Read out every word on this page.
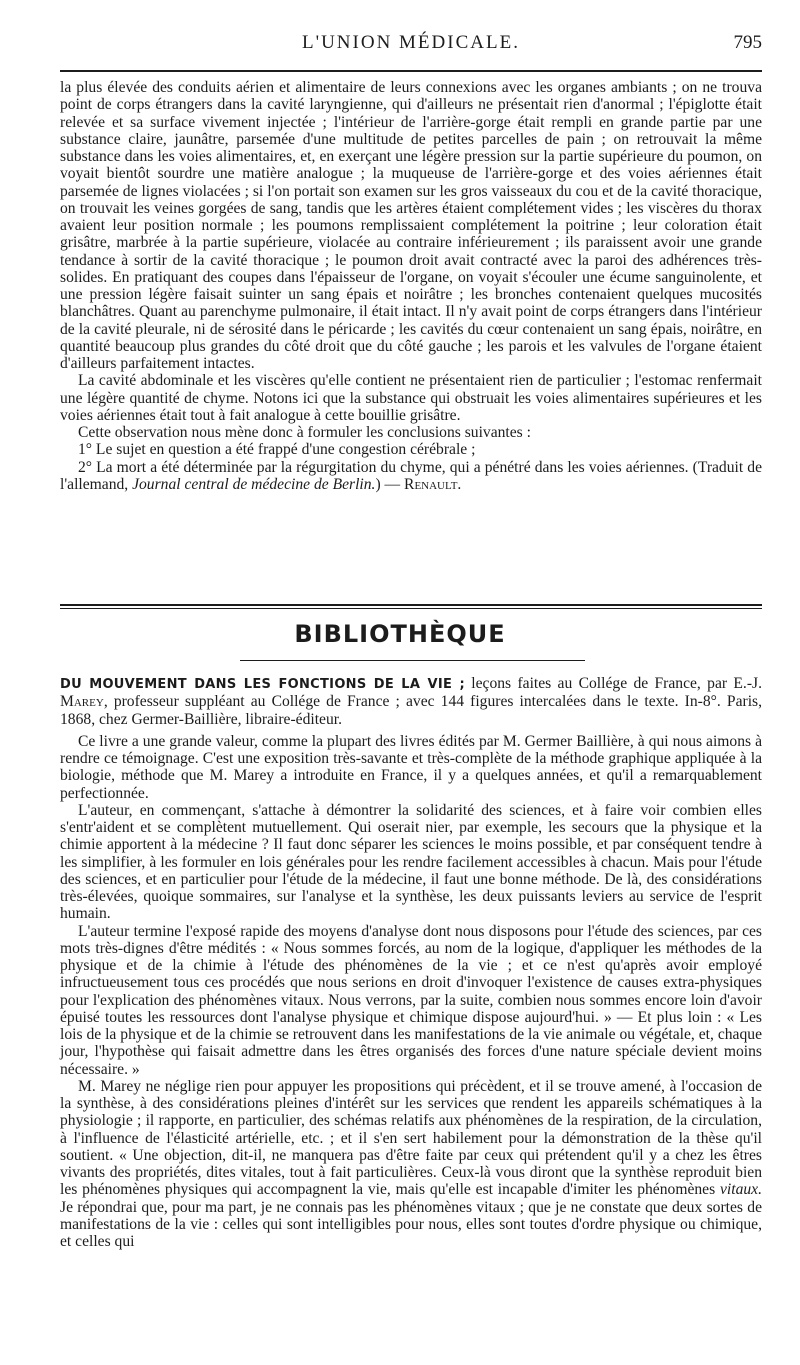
L'UNION MÉDICALE.	795

la plus élevée des conduits aérien et alimentaire de leurs connexions avec les organes ambiants ; on ne trouva point de corps étrangers dans la cavité laryngienne, qui d'ailleurs ne présentait rien d'anormal ; l'épiglotte était relevée et sa surface vivement injectée ; l'intérieur de l'arrière-gorge était rempli en grande partie par une substance claire, jaunâtre, parsemée d'une multitude de petites parcelles de pain ; on retrouvait la même substance dans les voies alimentaires, et, en exerçant une légère pression sur la partie supérieure du poumon, on voyait bientôt sourdre une matière analogue ; la muqueuse de l'arrière-gorge et des voies aériennes était parsemée de lignes violacées ; si l'on portait son examen sur les gros vaisseaux du cou et de la cavité thoracique, on trouvait les veines gorgées de sang, tandis que les artères étaient complétement vides ; les viscères du thorax avaient leur position normale ; les poumons remplissaient complétement la poitrine ; leur coloration était grisâtre, marbrée à la partie supérieure, violacée au contraire inférieurement ; ils paraissent avoir une grande tendance à sortir de la cavité thoracique ; le poumon droit avait contracté avec la paroi des adhérences très-solides. En pratiquant des coupes dans l'épaisseur de l'organe, on voyait s'écouler une écume sanguinolente, et une pression légère faisait suinter un sang épais et noirâtre ; les bronches contenaient quelques mucosités blanchâtres. Quant au parenchyme pulmonaire, il était intact. Il n'y avait point de corps étrangers dans l'intérieur de la cavité pleurale, ni de sérosité dans le péricarde ; les cavités du cœur contenaient un sang épais, noirâtre, en quantité beaucoup plus grandes du côté droit que du côté gauche ; les parois et les valvules de l'organe étaient d'ailleurs parfaitement intactes.

La cavité abdominale et les viscères qu'elle contient ne présentaient rien de particulier ; l'estomac renfermait une légère quantité de chyme. Notons ici que la substance qui obstruait les voies alimentaires supérieures et les voies aériennes était tout à fait analogue à cette bouillie grisâtre.

Cette observation nous mène donc à formuler les conclusions suivantes :

1° Le sujet en question a été frappé d'une congestion cérébrale ;

2° La mort a été déterminée par la régurgitation du chyme, qui a pénétré dans les voies aériennes. (Traduit de l'allemand, Journal central de médecine de Berlin.) — Renault.

BIBLIOTHÈQUE

DU MOUVEMENT DANS LES FONCTIONS DE LA VIE ; leçons faites au Collége de France, par E.-J. Marey, professeur suppléant au Collége de France ; avec 144 figures intercalées dans le texte. In-8°. Paris, 1868, chez Germer-Baillière, libraire-éditeur.

Ce livre a une grande valeur, comme la plupart des livres édités par M. Germer Baillière, à qui nous aimons à rendre ce témoignage. C'est une exposition très-savante et très-complète de la méthode graphique appliquée à la biologie, méthode que M. Marey a introduite en France, il y a quelques années, et qu'il a remarquablement perfectionnée.

L'auteur, en commençant, s'attache à démontrer la solidarité des sciences, et à faire voir combien elles s'entr'aident et se complètent mutuellement. Qui oserait nier, par exemple, les secours que la physique et la chimie apportent à la médecine ? Il faut donc séparer les sciences le moins possible, et par conséquent tendre à les simplifier, à les formuler en lois générales pour les rendre facilement accessibles à chacun. Mais pour l'étude des sciences, et en particulier pour l'étude de la médecine, il faut une bonne méthode. De là, des considérations très-élevées, quoique sommaires, sur l'analyse et la synthèse, les deux puissants leviers au service de l'esprit humain.

L'auteur termine l'exposé rapide des moyens d'analyse dont nous disposons pour l'étude des sciences, par ces mots très-dignes d'être médités : « Nous sommes forcés, au nom de la logique, d'appliquer les méthodes de la physique et de la chimie à l'étude des phénomènes de la vie ; et ce n'est qu'après avoir employé infructueusement tous ces procédés que nous serions en droit d'invoquer l'existence de causes extra-physiques pour l'explication des phénomènes vitaux. Nous verrons, par la suite, combien nous sommes encore loin d'avoir épuisé toutes les ressources dont l'analyse physique et chimique dispose aujourd'hui. » — Et plus loin : « Les lois de la physique et de la chimie se retrouvent dans les manifestations de la vie animale ou végétale, et, chaque jour, l'hypothèse qui faisait admettre dans les êtres organisés des forces d'une nature spéciale devient moins nécessaire. »

M. Marey ne néglige rien pour appuyer les propositions qui précèdent, et il se trouve amené, à l'occasion de la synthèse, à des considérations pleines d'intérêt sur les services que rendent les appareils schématiques à la physiologie ; il rapporte, en particulier, des schémas relatifs aux phénomènes de la respiration, de la circulation, à l'influence de l'élasticité artérielle, etc. ; et il s'en sert habilement pour la démonstration de la thèse qu'il soutient. « Une objection, dit-il, ne manquera pas d'être faite par ceux qui prétendent qu'il y a chez les êtres vivants des propriétés, dites vitales, tout à fait particulières. Ceux-là vous diront que la synthèse reproduit bien les phénomènes physiques qui accompagnent la vie, mais qu'elle est incapable d'imiter les phénomènes vitaux. Je répondrai que, pour ma part, je ne connais pas les phénomènes vitaux ; que je ne constate que deux sortes de manifestations de la vie : celles qui sont intelligibles pour nous, elles sont toutes d'ordre physique ou chimique, et celles qui
